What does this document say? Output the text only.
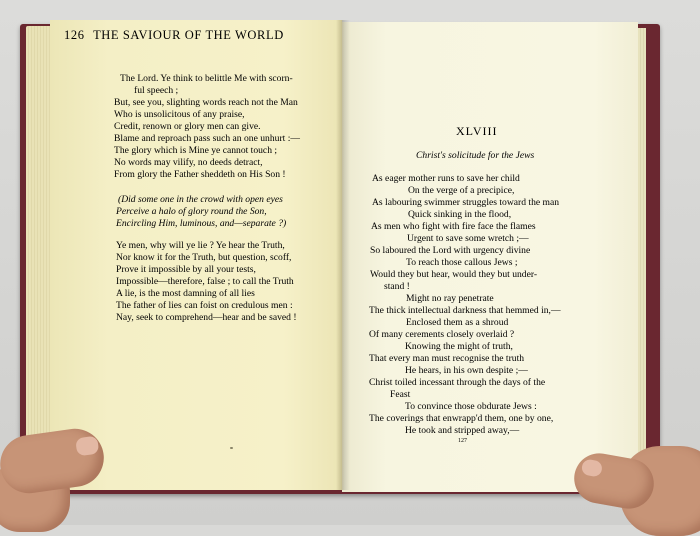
126 THE SAVIOUR OF THE WORLD
The Lord. Ye think to belittle Me with scorn-
ful speech ;
But, see you, slighting words reach not the Man
Who is unsolicitous of any praise,
Credit, renown or glory men can give.
Blame and reproach pass such an one unhurt :—
The glory which is Mine ye cannot touch ;
No words may vilify, no deeds detract,
From glory the Father sheddeth on His Son !
(Did some one in the crowd with open eyes
Perceive a halo of glory round the Son,
Encircling Him, luminous, and—separate ?)
Ye men, why will ye lie ? Ye hear the Truth,
Nor know it for the Truth, but question, scoff,
Prove it impossible by all your tests,
Impossible—therefore, false ; to call the Truth
A lie, is the most damning of all lies
The father of lies can foist on credulous men :
Nay, seek to comprehend—hear and be saved !
XLVIII
Christ's solicitude for the Jews
As eager mother runs to save her child
On the verge of a precipice,
As labouring swimmer struggles toward the man
Quick sinking in the flood,
As men who fight with fire face the flames
Urgent to save some wretch ;—
So laboured the Lord with urgency divine
To reach those callous Jews ;
Would they but hear, would they but under-
stand !
Might no ray penetrate
The thick intellectual darkness that hemmed in,—
Enclosed them as a shroud
Of many cerements closely overlaid ?
Knowing the might of truth,
That every man must recognise the truth
He hears, in his own despite ;—
Christ toiled incessant through the days of the
Feast
To convince those obdurate Jews :
The coverings that enwrapp'd them, one by one,
He took and stripped away,—
127
